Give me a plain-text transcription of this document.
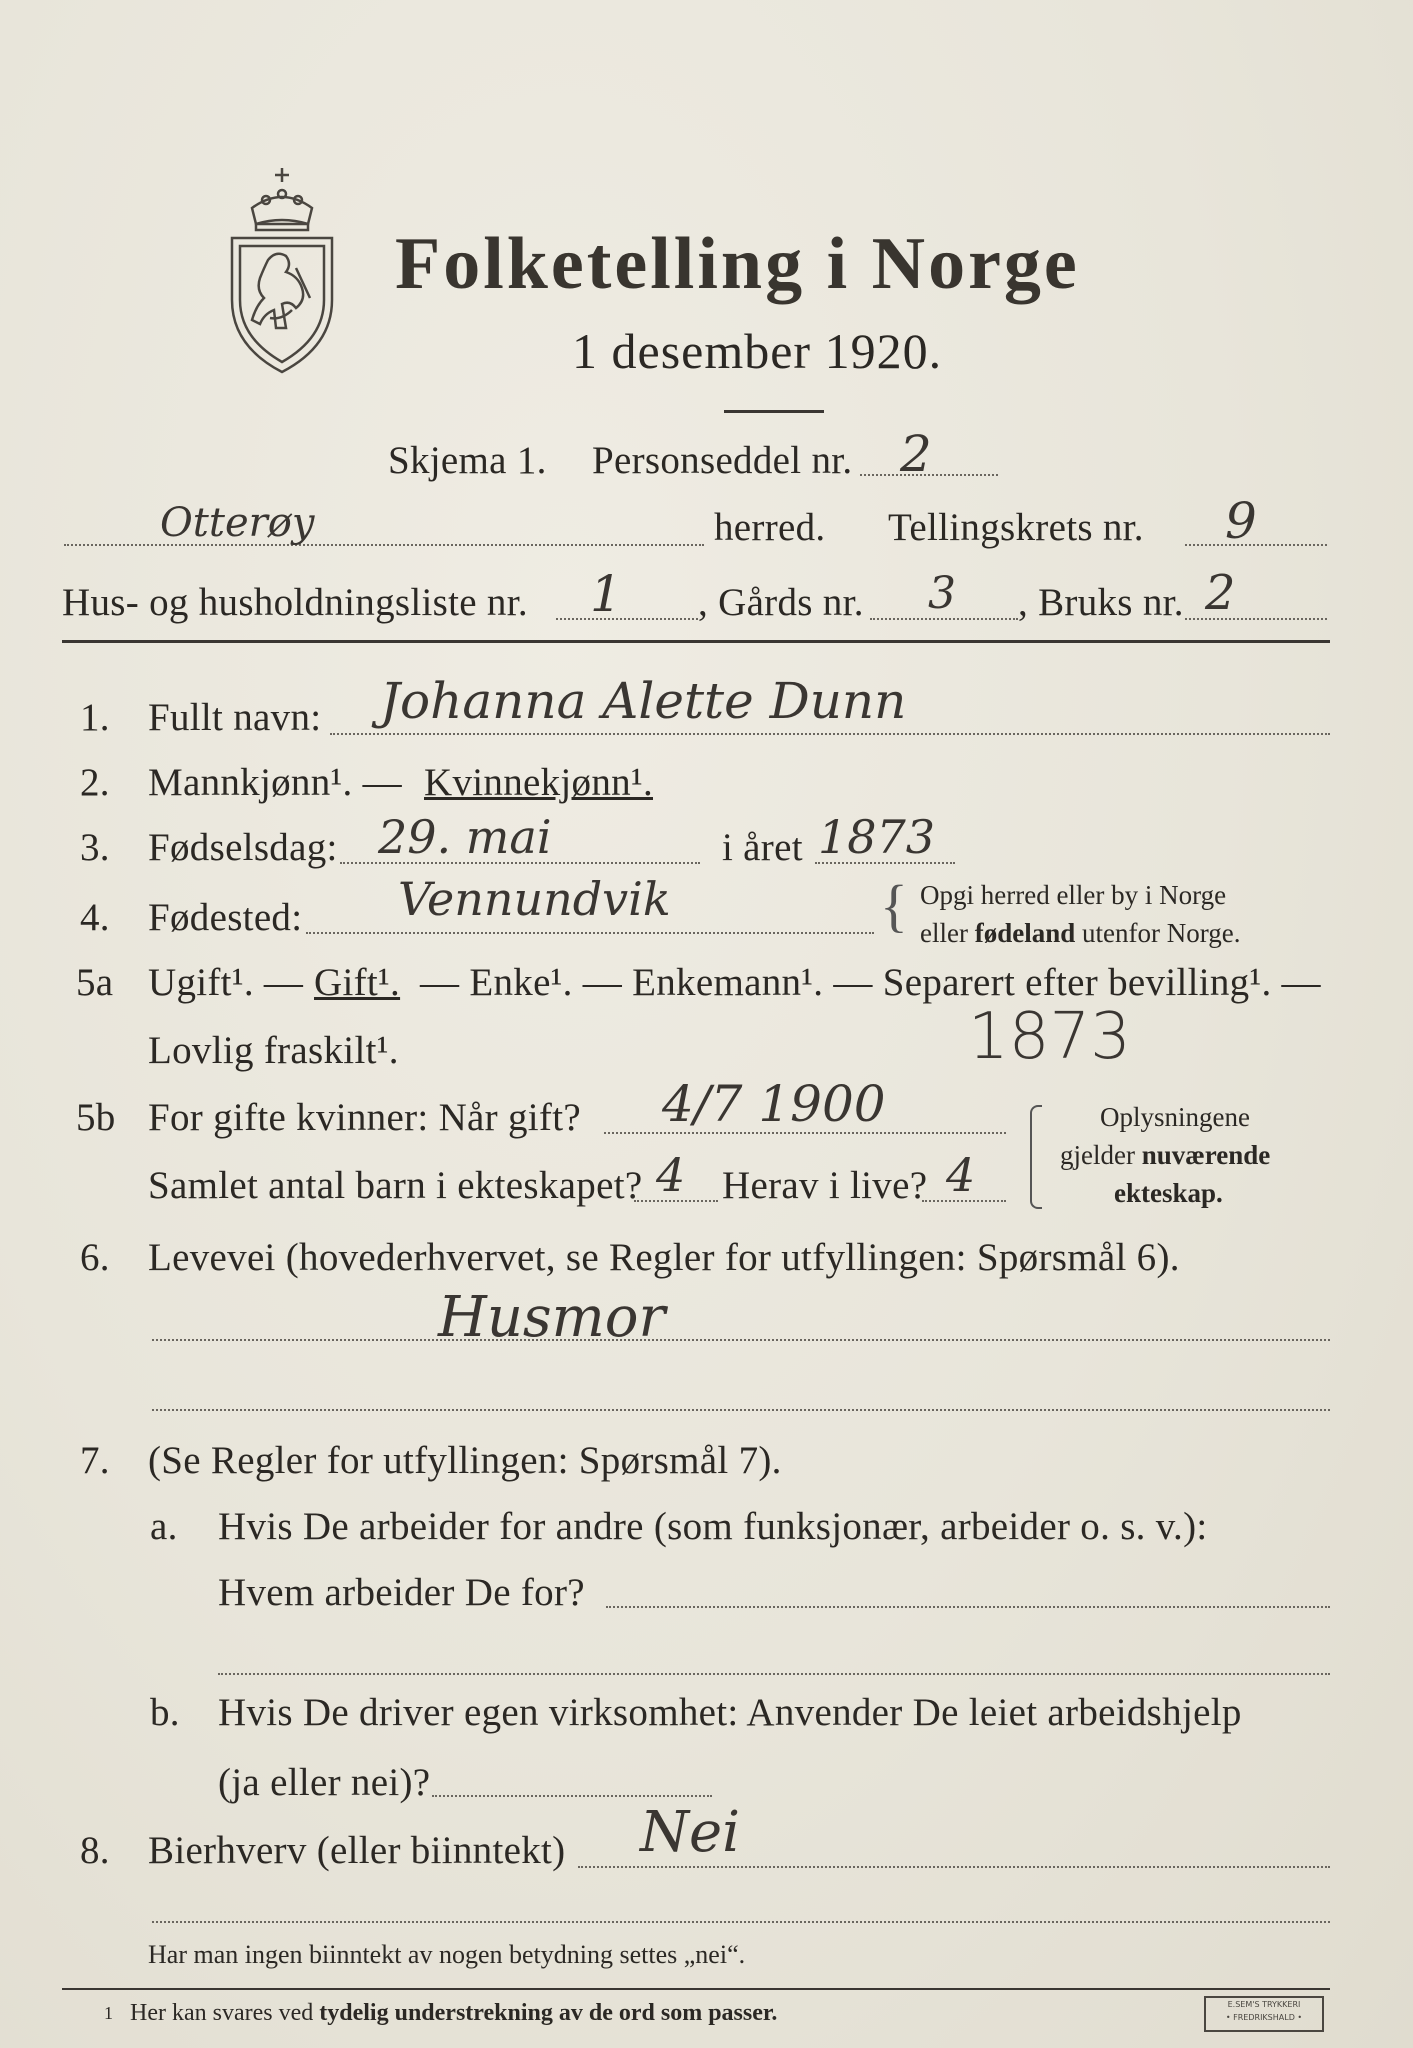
Folketelling i Norge
1 desember 1920.
Skjema 1. Personseddel nr. 2
Otterøy	herred. Tellingskrets nr. 9
Hus- og husholdningsliste nr. 1 , Gårds nr. 3 , Bruks nr. 2
1. Fullt navn: Johanna Alette Dunn
2. Mannkjønn¹. — Kvinnekjønn¹.
3. Fødselsdag: 29. mai	i året 1873
4. Fødested: Vennundvik	{ Opgi herred eller by i Norge
eller fødeland utenfor Norge.
5a Ugift¹. — Gift¹. — Enke¹. — Enkemann¹. — Separert efter bevilling¹. —
Lovlig fraskilt¹.	1873
5b For gifte kvinner: Når gift? 4/7 1900
Samlet antal barn i ekteskapet? 4 Herav i live? 4
Oplysningene
gjelder nuværende
ekteskap.
6. Levevei (hovederhvervet, se Regler for utfyllingen: Spørsmål 6).
Husmor
7. (Se Regler for utfyllingen: Spørsmål 7).
a. Hvis De arbeider for andre (som funksjonær, arbeider o. s. v.):
Hvem arbeider De for?
b. Hvis De driver egen virksomhet: Anvender De leiet arbeidshjelp
(ja eller nei)?
8. Bierhverv (eller biinntekt) Nei
Har man ingen biinntekt av nogen betydning settes „nei“.
1 Her kan svares ved tydelig understrekning av de ord som passer.	E.SEM'S TRYKKERI
• FREDRIKSHALD •
